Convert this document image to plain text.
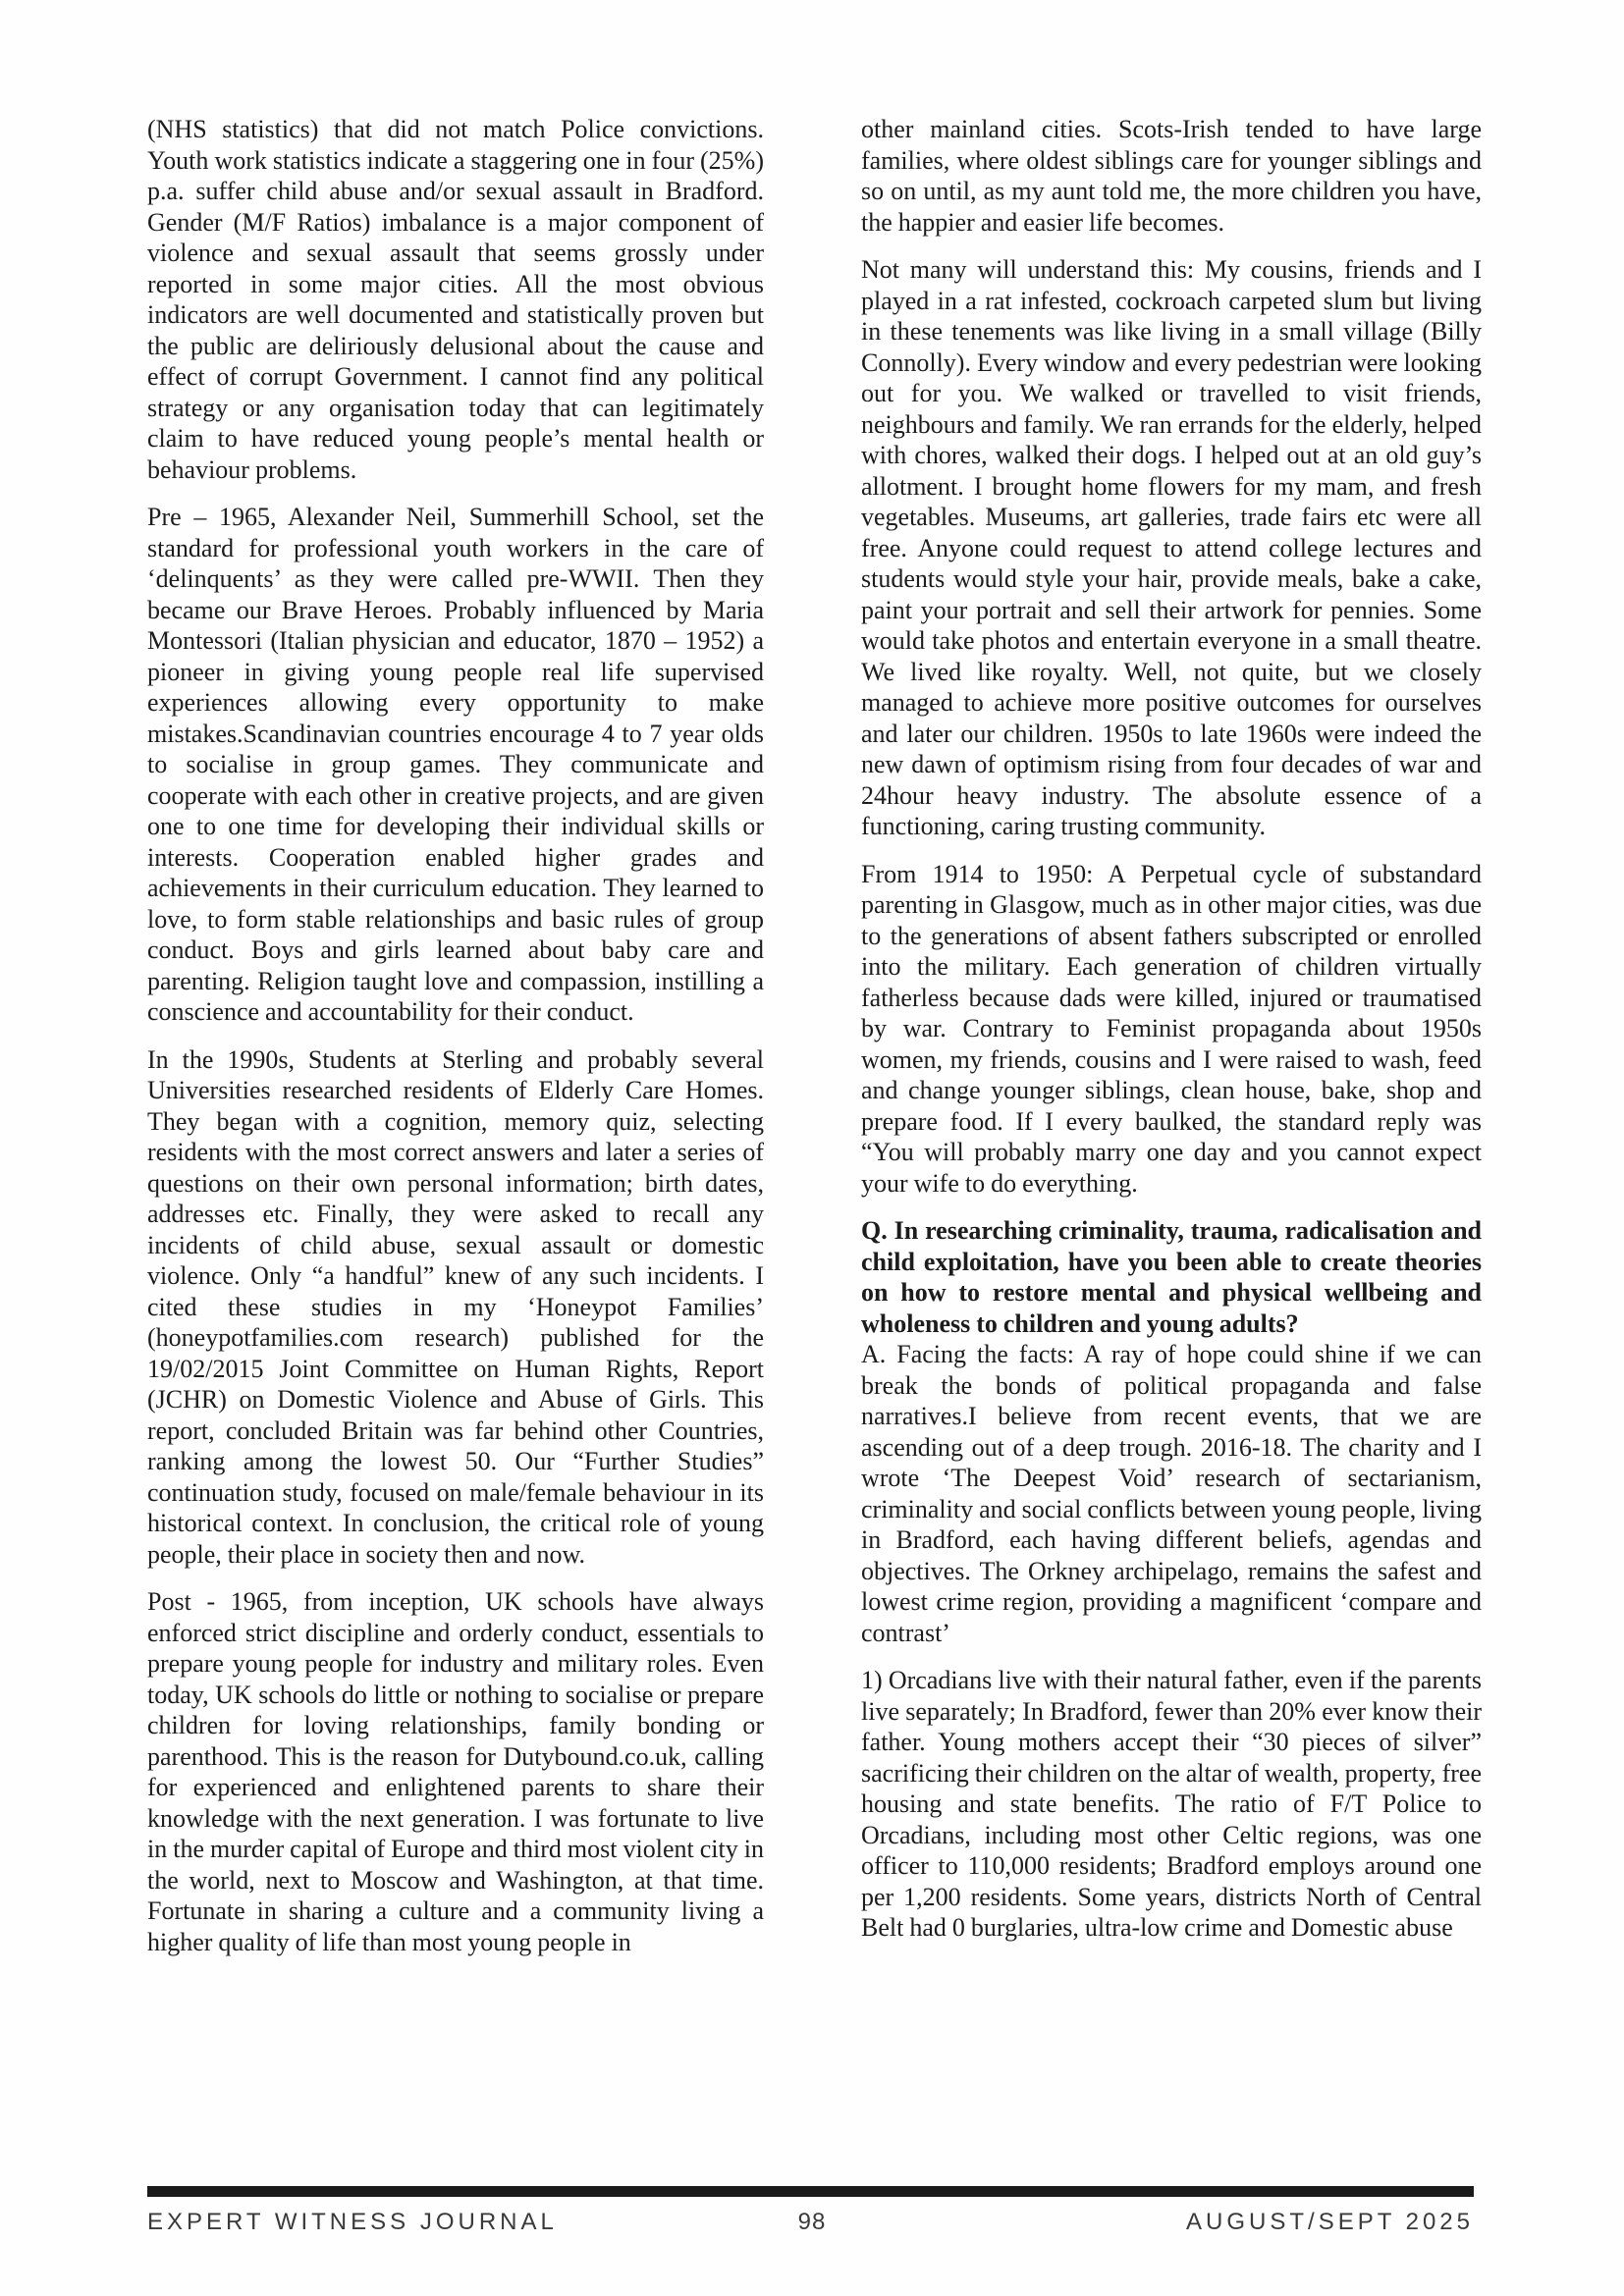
(NHS statistics) that did not match Police convictions. Youth work statistics indicate a staggering one in four (25%) p.a. suffer child abuse and/or sexual assault in Bradford. Gender (M/F Ratios) imbalance is a major component of violence and sexual assault that seems grossly under reported in some major cities. All the most obvious indicators are well documented and statistically proven but the public are deliriously delusional about the cause and effect of corrupt Government. I cannot find any political strategy or any organisation today that can legitimately claim to have reduced young people’s mental health or behaviour problems.

Pre – 1965, Alexander Neil, Summerhill School, set the standard for professional youth workers in the care of ‘delinquents’ as they were called pre-WWII. Then they became our Brave Heroes. Probably influenced by Maria Montessori (Italian physician and educator, 1870 – 1952) a pioneer in giving young people real life supervised experiences allowing every opportunity to make mistakes.Scandinavian countries encourage 4 to 7 year olds to socialise in group games. They communicate and cooperate with each other in creative projects, and are given one to one time for developing their individual skills or interests. Cooperation enabled higher grades and achievements in their curriculum education. They learned to love, to form stable relationships and basic rules of group conduct. Boys and girls learned about baby care and parenting. Religion taught love and compassion, instilling a conscience and accountability for their conduct.

In the 1990s, Students at Sterling and probably several Universities researched residents of Elderly Care Homes. They began with a cognition, memory quiz, selecting residents with the most correct answers and later a series of questions on their own personal information; birth dates, addresses etc. Finally, they were asked to recall any incidents of child abuse, sexual assault or domestic violence. Only “a handful” knew of any such incidents. I cited these studies in my ‘Honeypot Families’ (honeypotfamilies.com research) published for the 19/02/2015 Joint Committee on Human Rights, Report (JCHR) on Domestic Violence and Abuse of Girls. This report, concluded Britain was far behind other Countries, ranking among the lowest 50. Our “Further Studies” continuation study, focused on male/female behaviour in its historical context. In conclusion, the critical role of young people, their place in society then and now.

Post - 1965, from inception, UK schools have always enforced strict discipline and orderly conduct, essentials to prepare young people for industry and military roles. Even today, UK schools do little or nothing to socialise or prepare children for loving relationships, family bonding or parenthood. This is the reason for Dutybound.co.uk, calling for experienced and enlightened parents to share their knowledge with the next generation. I was fortunate to live in the murder capital of Europe and third most violent city in the world, next to Moscow and Washington, at that time. Fortunate in sharing a culture and a community living a higher quality of life than most young people in

other mainland cities. Scots-Irish tended to have large families, where oldest siblings care for younger siblings and so on until, as my aunt told me, the more children you have, the happier and easier life becomes.

Not many will understand this: My cousins, friends and I played in a rat infested, cockroach carpeted slum but living in these tenements was like living in a small village (Billy Connolly). Every window and every pedestrian were looking out for you. We walked or travelled to visit friends, neighbours and family. We ran errands for the elderly, helped with chores, walked their dogs. I helped out at an old guy’s allotment. I brought home flowers for my mam, and fresh vegetables. Museums, art galleries, trade fairs etc were all free. Anyone could request to attend college lectures and students would style your hair, provide meals, bake a cake, paint your portrait and sell their artwork for pennies. Some would take photos and entertain everyone in a small theatre. We lived like royalty. Well, not quite, but we closely managed to achieve more positive outcomes for ourselves and later our children. 1950s to late 1960s were indeed the new dawn of optimism rising from four decades of war and 24hour heavy industry. The absolute essence of a functioning, caring trusting community.

From 1914 to 1950: A Perpetual cycle of substandard parenting in Glasgow, much as in other major cities, was due to the generations of absent fathers subscripted or enrolled into the military. Each generation of children virtually fatherless because dads were killed, injured or traumatised by war. Contrary to Feminist propaganda about 1950s women, my friends, cousins and I were raised to wash, feed and change younger siblings, clean house, bake, shop and prepare food. If I every baulked, the standard reply was “You will probably marry one day and you cannot expect your wife to do everything.

Q. In researching criminality, trauma, radicalisation and child exploitation, have you been able to create theories on how to restore mental and physical wellbeing and wholeness to children and young adults?

A. Facing the facts: A ray of hope could shine if we can break the bonds of political propaganda and false narratives.I believe from recent events, that we are ascending out of a deep trough. 2016-18. The charity and I wrote ‘The Deepest Void’ research of sectarianism, criminality and social conflicts between young people, living in Bradford, each having different beliefs, agendas and objectives. The Orkney archipelago, remains the safest and lowest crime region, providing a magnificent ‘compare and contrast’

1) Orcadians live with their natural father, even if the parents live separately; In Bradford, fewer than 20% ever know their father. Young mothers accept their “30 pieces of silver” sacrificing their children on the altar of wealth, property, free housing and state benefits. The ratio of F/T Police to Orcadians, including most other Celtic regions, was one officer to 110,000 residents; Bradford employs around one per 1,200 residents. Some years, districts North of Central Belt had 0 burglaries, ultra-low crime and Domestic abuse

EXPERT WITNESS JOURNAL	98	AUGUST/SEPT 2025
